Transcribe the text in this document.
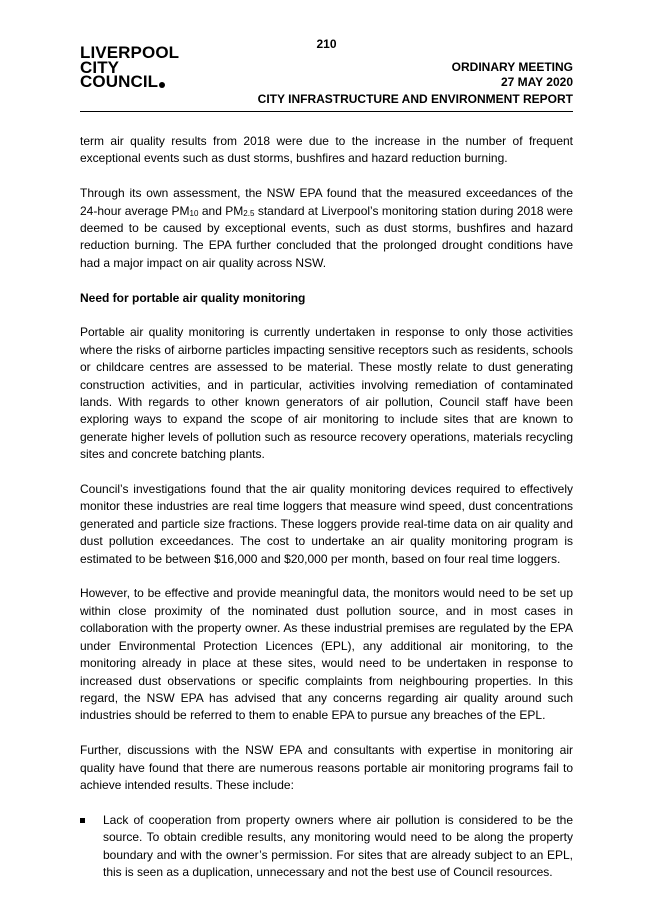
210
LIVERPOOL
CITY
COUNCIL
ORDINARY MEETING
27 MAY 2020
CITY INFRASTRUCTURE AND ENVIRONMENT REPORT

term air quality results from 2018 were due to the increase in the number of frequent exceptional events such as dust storms, bushfires and hazard reduction burning.

Through its own assessment, the NSW EPA found that the measured exceedances of the 24-hour average $PM_{10}$ and $PM_{2.5}$ standard at Liverpool’s monitoring station during 2018 were deemed to be caused by exceptional events, such as dust storms, bushfires and hazard reduction burning. The EPA further concluded that the prolonged drought conditions have had a major impact on air quality across NSW.

Need for portable air quality monitoring

Portable air quality monitoring is currently undertaken in response to only those activities where the risks of airborne particles impacting sensitive receptors such as residents, schools or childcare centres are assessed to be material. These mostly relate to dust generating construction activities, and in particular, activities involving remediation of contaminated lands. With regards to other known generators of air pollution, Council staff have been exploring ways to expand the scope of air monitoring to include sites that are known to generate higher levels of pollution such as resource recovery operations, materials recycling sites and concrete batching plants.

Council’s investigations found that the air quality monitoring devices required to effectively monitor these industries are real time loggers that measure wind speed, dust concentrations generated and particle size fractions. These loggers provide real-time data on air quality and dust pollution exceedances. The cost to undertake an air quality monitoring program is estimated to be between $16,000 and $20,000 per month, based on four real time loggers.

However, to be effective and provide meaningful data, the monitors would need to be set up within close proximity of the nominated dust pollution source, and in most cases in collaboration with the property owner. As these industrial premises are regulated by the EPA under Environmental Protection Licences (EPL), any additional air monitoring, to the monitoring already in place at these sites, would need to be undertaken in response to increased dust observations or specific complaints from neighbouring properties. In this regard, the NSW EPA has advised that any concerns regarding air quality around such industries should be referred to them to enable EPA to pursue any breaches of the EPL.

Further, discussions with the NSW EPA and consultants with expertise in monitoring air quality have found that there are numerous reasons portable air monitoring programs fail to achieve intended results. These include:

Lack of cooperation from property owners where air pollution is considered to be the source. To obtain credible results, any monitoring would need to be along the property boundary and with the owner’s permission. For sites that are already subject to an EPL, this is seen as a duplication, unnecessary and not the best use of Council resources.
